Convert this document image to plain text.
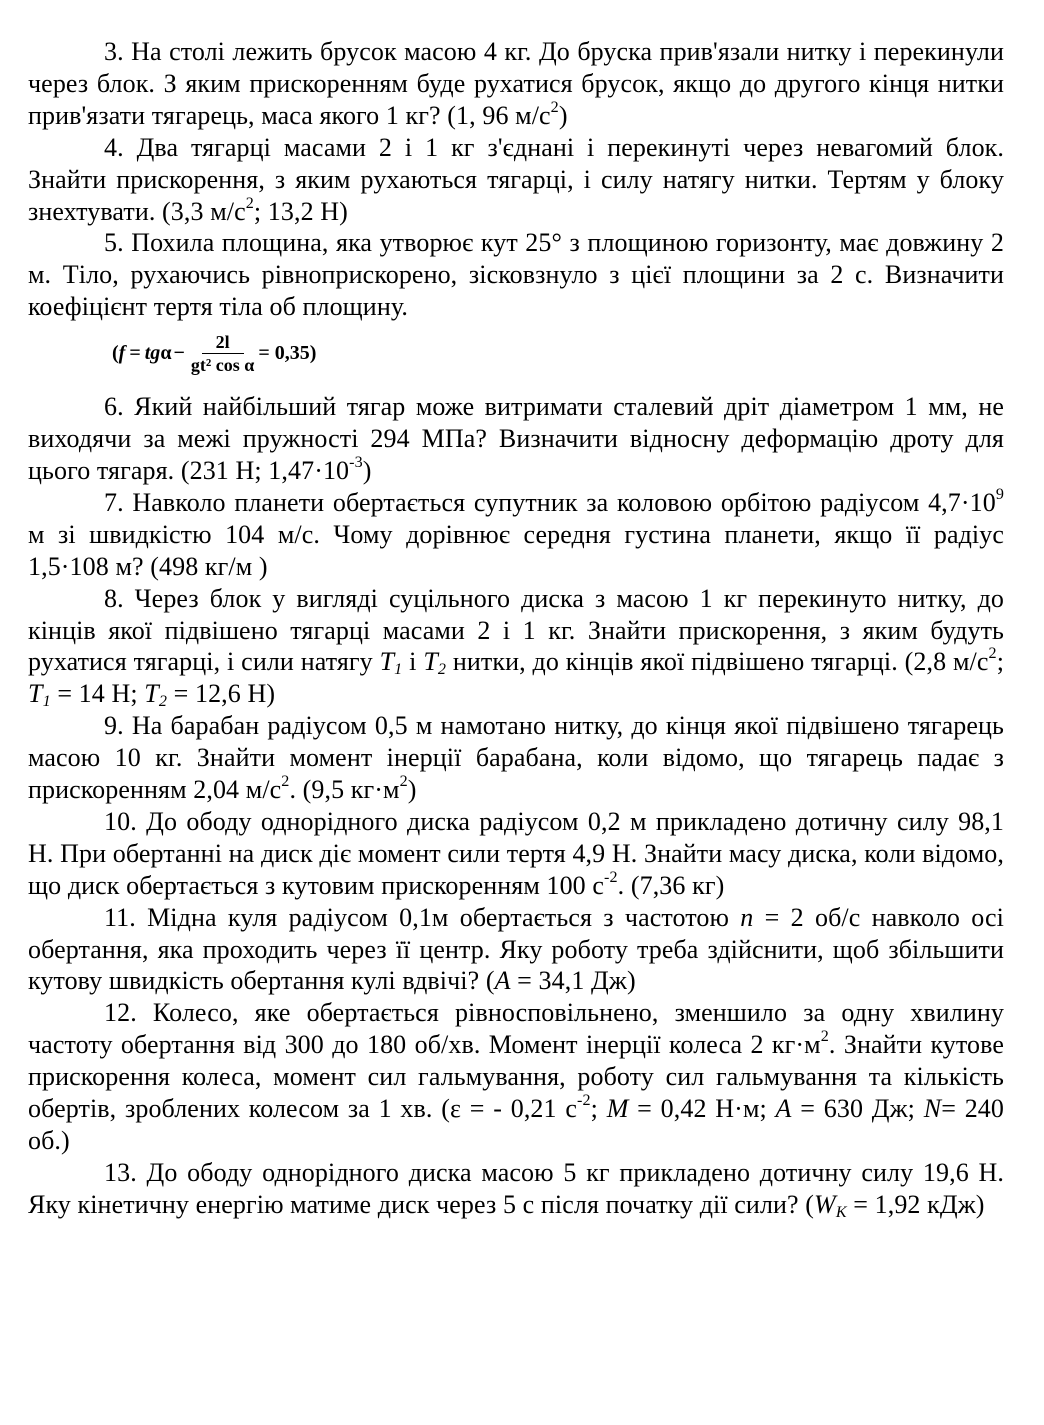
3. На столі лежить брусок масою 4 кг. До бруска прив'язали нитку і перекинули через блок. З яким прискоренням буде рухатися брусок, якщо до другого кінця нитки прив'язати тягарець, маса якого 1 кг? (1, 96 $м/с^2$)

4. Два тягарці масами 2 і 1 кг з'єднані і перекинуті через невагомий блок. Знайти прискорення, з яким рухаються тягарці, і силу натягу нитки. Тертям у блоку знехтувати. (3,3 $м/с^2$; 13,2 Н)

5. Похила площина, яка утворює кут 25° з площиною горизонту, має довжину 2 м. Тіло, рухаючись рівноприскорено, зісковзнуло з цієї площини за 2 с. Визначити коефіцієнт тертя тіла об площину.

( f = tg $\alpha - \frac{2l}{\text{gt² cos α}} = 0,35$)

6. Який найбільший тягар може витримати сталевий дріт діаметром 1 мм, не виходячи за межі пружності 294 МПа? Визначити відносну деформацію дроту для цього тягаря. (231 Н; $1,47\cdot 10^{-3}$)

7. Навколо планети обертається супутник за коловою орбітою радіусом $4,7\cdot 10^9$ м зі швидкістю 104 м/с. Чому дорівнює середня густина планети, якщо її радіус 1,5·108 м? (498 кг/м )

8. Через блок у вигляді суцільного диска з масою 1 кг перекинуто нитку, до кінців якої підвішено тягарці масами 2 і 1 кг. Знайти прискорення, з яким будуть рухатися тягарці, і сили натягу $T_1$ і $T_2$ нитки, до кінців якої підвішено тягарці. (2,8 $м/с^2$; $T_1 = 14$ Н; $T_2 = 12,6$ Н)

9. На барабан радіусом 0,5 м намотано нитку, до кінця якої підвішено тягарець масою 10 кг. Знайти момент інерції барабана, коли відомо, що тягарець падає з прискоренням 2,04 $м/с^2$. (9,5 $кг\cdot м^2$)

10. До ободу однорідного диска радіусом 0,2 м прикладено дотичну силу 98,1 Н. При обертанні на диск діє момент сили тертя 4,9 Н. Знайти масу диска, коли відомо, що диск обертається з кутовим прискоренням 100 $с^{-2}$. (7,36 кг)

11. Мідна куля радіусом 0,1м обертається з частотою n = 2 об/с навколо осі обертання, яка проходить через її центр. Яку роботу треба здійснити, щоб збільшити кутову швидкість обертання кулі вдвічі? (A = 34,1 Дж)

12. Колесо, яке обертається рівносповільнено, зменшило за одну хвилину частоту обертання від 300 до 180 об/хв. Момент інерції колеса 2 $кг\cdot м^2$. Знайти кутове прискорення колеса, момент сил гальмування, роботу сил гальмування та кількість обертів, зроблених колесом за 1 хв. (ε = - 0,21 $с^{-2}$; M = 0,42 Н·м; A = 630 Дж; N= 240 об.)

13. До ободу однорідного диска масою 5 кг прикладено дотичну силу 19,6 Н. Яку кінетичну енергію матиме диск через 5 с після початку дії сили? ($W_K = 1,92$ кДж)
